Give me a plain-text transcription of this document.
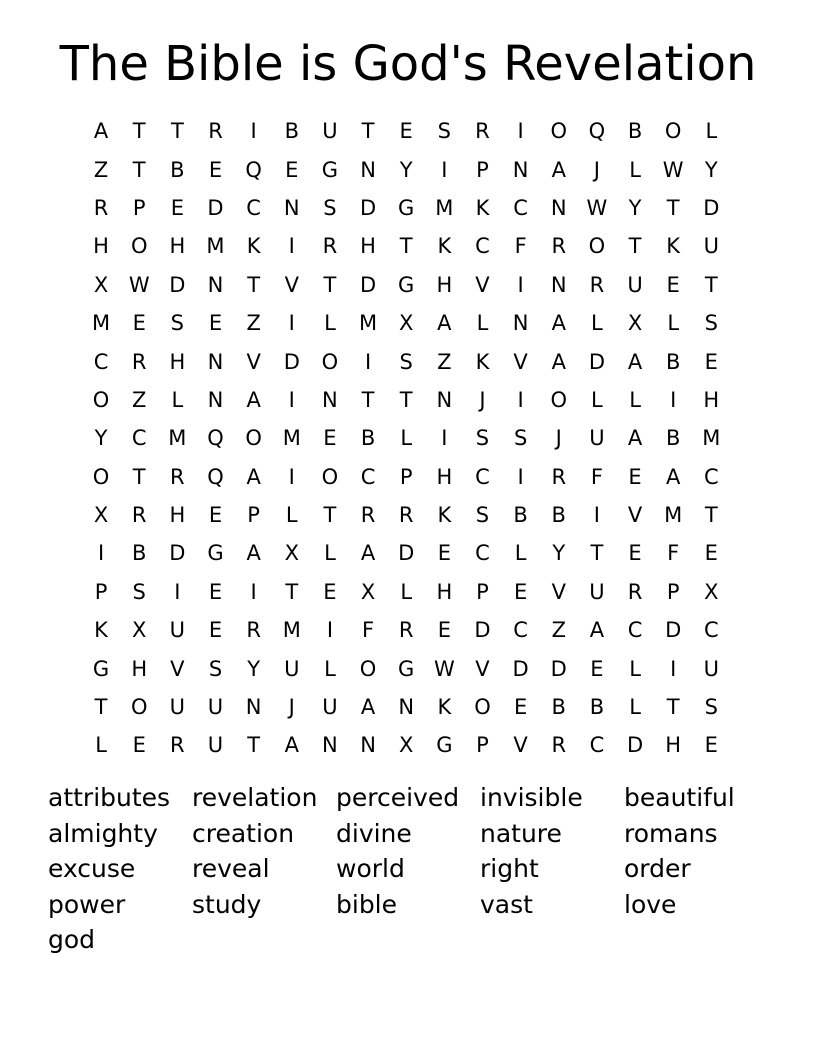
The Bible is God's Revelation
A	T	T	R	I	B	U	T	E	S	R	I	O	Q	B	O	L
Z	T	B	E	Q	E	G	N	Y	I	P	N	A	J	L	W	Y
R	P	E	D	C	N	S	D	G M	K	C	N W	Y	T	D
H	O	H	M	K	I	R	H	T	K	C	F	R	O	T	K	U
X W D	N	T	V	T	D	G	H	V	I	N	R	U	E	T
M	E	S	E	Z	I	L	M	X	A	L	N	A	L	X	L	S
C	R	H	N	V	D	O	I	S	Z	K	V	A	D	A	B	E
O	Z	L	N	A	I	N	T	T	N	J	I	O	L	L	I	H
Y	C	M Q	O M	E	B	L	I	S	S	J	U	A	B	M
O	T	R	Q	A	I	O	C	P	H	C	I	R	F	E	A	C
X	R	H	E	P	L	T	R	R	K	S	B	B	I	V	M	T
I	B	D	G	A	X	L	A	D	E	C	L	Y	T	E	F	E
P	S	I	E	I	T	E	X	L	H	P	E	V	U	R	P	X
K	X	U	E	R	M	I	F	R	E	D	C	Z	A	C	D	C
G	H	V	S	Y	U	L	O	G W V	D	D	E	L	I	U
T	O	U	U	N	J	U	A	N	K	O	E	B	B	L	T	S
L	E	R	U	T	A	N	N	X	G	P	V	R	C	D	H	E
attributes revelation perceived invisible	beautiful
almighty	creation	divine	nature	romans
excuse	reveal	world	right	order
power	study	bible	vast	love
god
